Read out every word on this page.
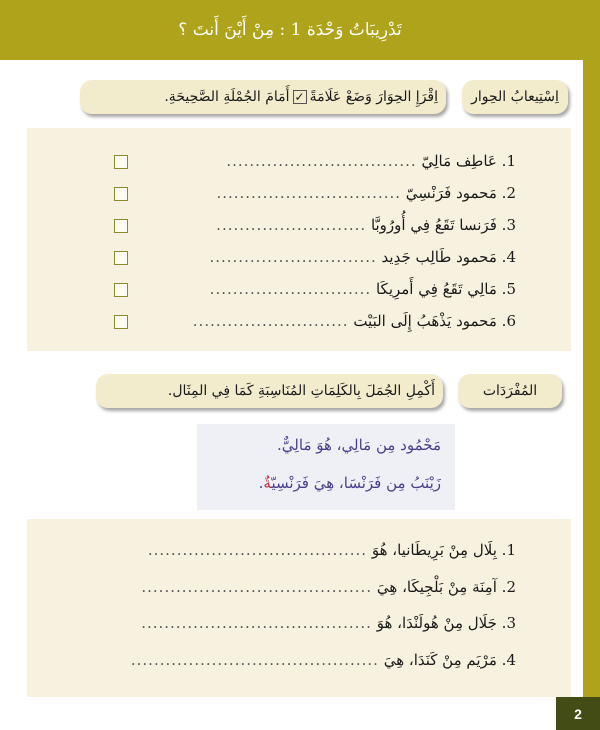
تَدْرِيبَاتُ وَحْدَة 1 : مِنْ أَيْنَ أَنتَ ؟
اِسْتِيعابُ الحِوار
اِقْرَإِ الحِوَارَ وَضَعْ عَلَامَةً
✓
أَمَامَ الجُمْلَةِ الصَّحِيحَةِ.
1. عَاطِف مَالِيّ .................................
2. مَحمود فَرَنْسِيّ ................................
3. فَرَنسا تَقَعُ فِي أُورُوبَّا ..........................
4. مَحمود طَالِب جَدِيد .............................
5. مَالِي تَقَعُ فِي أَمرِيكَا ............................
6. مَحمود يَذْهَبُ إِلَى البَيْت ...........................
المُفْرَدَات
أَكْمِلِ الجُمَلَ بِالكَلِمَاتِ المُنَاسِبَةِ كَمَا فِي المِثَال.
مَحْمُود مِن مَالِي، هُوَ مَالِي.
زَيْنَبُ مِن فَرَنْسَا، هِيَ فَرَنْسِيّةٌ.
1. بِلَال مِنْ بَرِيطَانيا، هُوَ ......................................
2. آمِنَة مِنْ بَلْجِيكَا، هِيَ ........................................
3. جَلَال مِنْ هُولَنْدَا، هُوَ ........................................
4. مَرْيَم مِنْ كَنَدَا، هِيَ ...........................................
2
